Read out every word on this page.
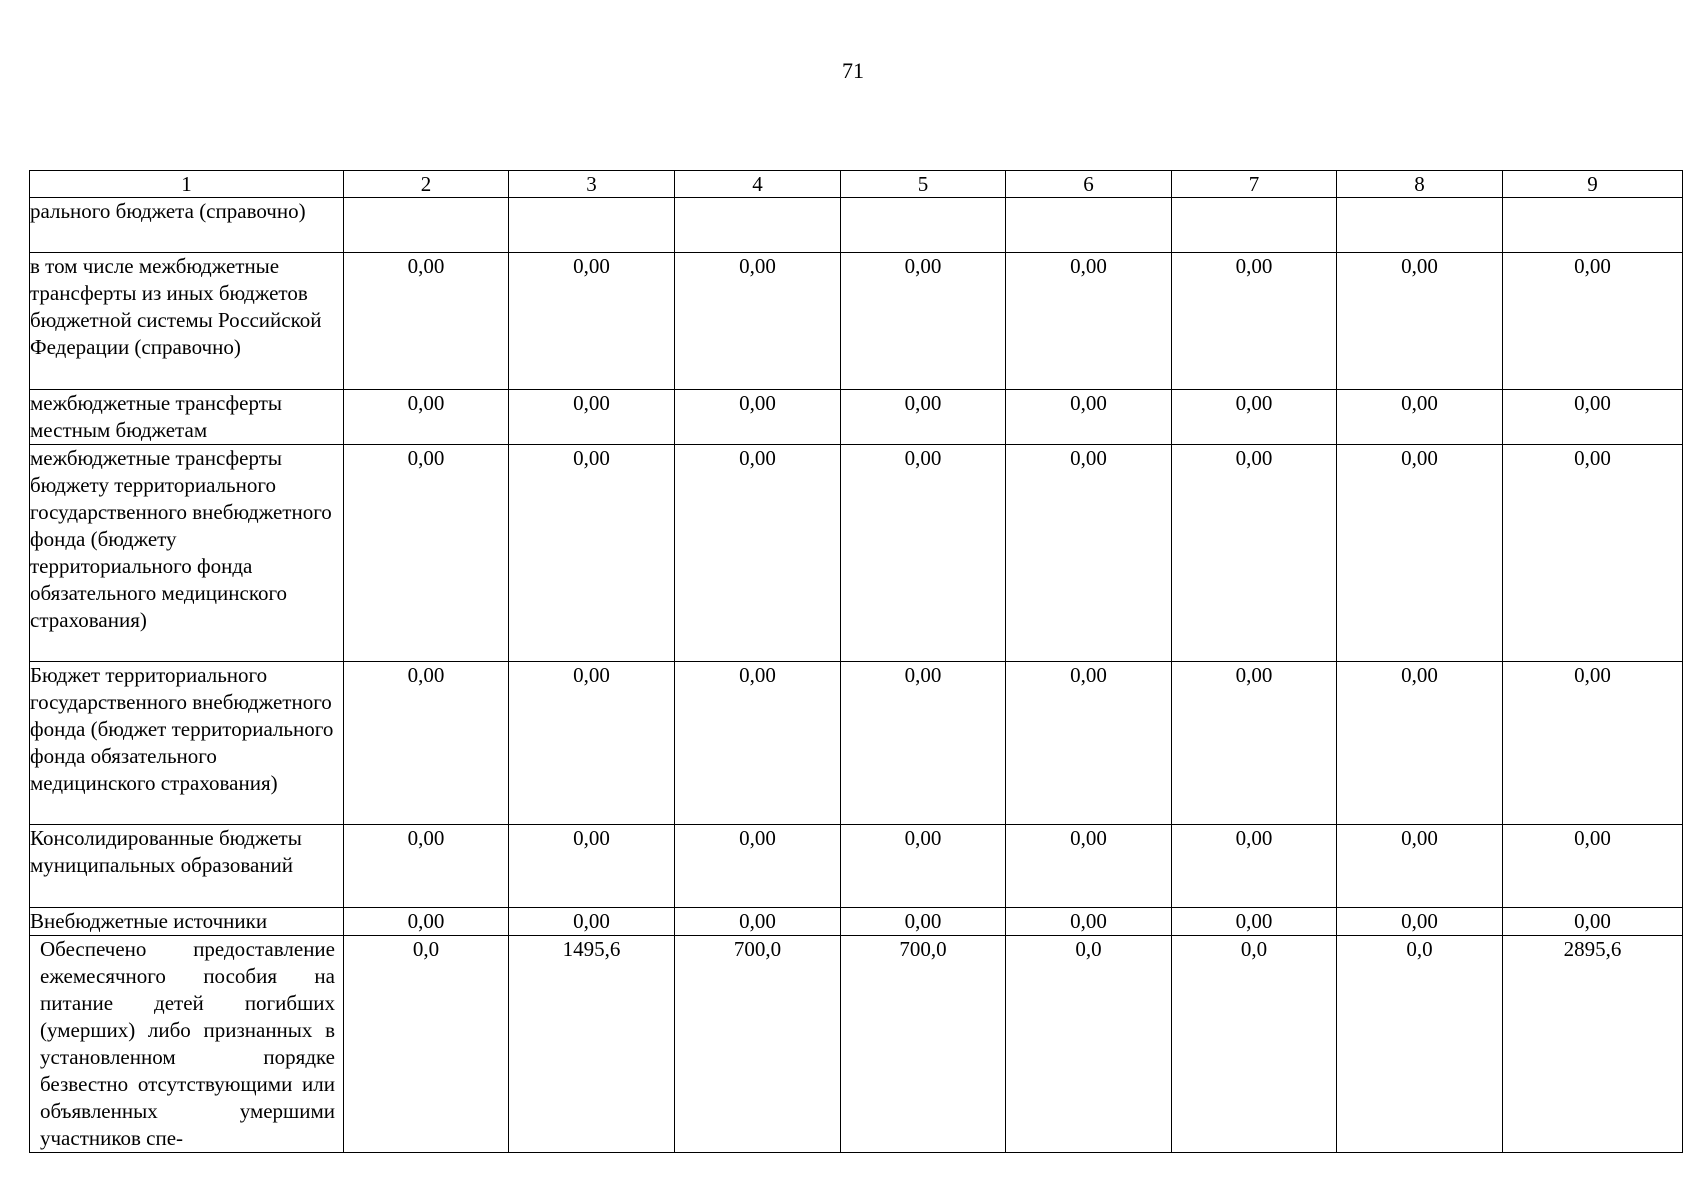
71
1	2	3	4	5	6	7	8	9
рального бюджета (справочно)								
в том числе межбюджетные трансферты из иных бюджетов бюджетной системы Российской Федерации (справочно)	0,00	0,00	0,00	0,00	0,00	0,00	0,00	0,00
межбюджетные трансферты местным бюджетам	0,00	0,00	0,00	0,00	0,00	0,00	0,00	0,00
межбюджетные трансферты бюджету территориального государственного внебюджетного фонда (бюджету территориального фонда обязательного медицинского страхования)	0,00	0,00	0,00	0,00	0,00	0,00	0,00	0,00
Бюджет территориального государственного внебюджетного фонда (бюджет территориального фонда обязательного медицинского страхования)	0,00	0,00	0,00	0,00	0,00	0,00	0,00	0,00
Консолидированные бюджеты муниципальных образований	0,00	0,00	0,00	0,00	0,00	0,00	0,00	0,00
Внебюджетные источники	0,00	0,00	0,00	0,00	0,00	0,00	0,00	0,00
Обеспечено предоставление ежемесячного пособия на питание детей погибших (умерших) либо признанных в установленном порядке безвестно отсутствующими или объявленных умершими участников спе-	0,0	1495,6	700,0	700,0	0,0	0,0	0,0	2895,6
